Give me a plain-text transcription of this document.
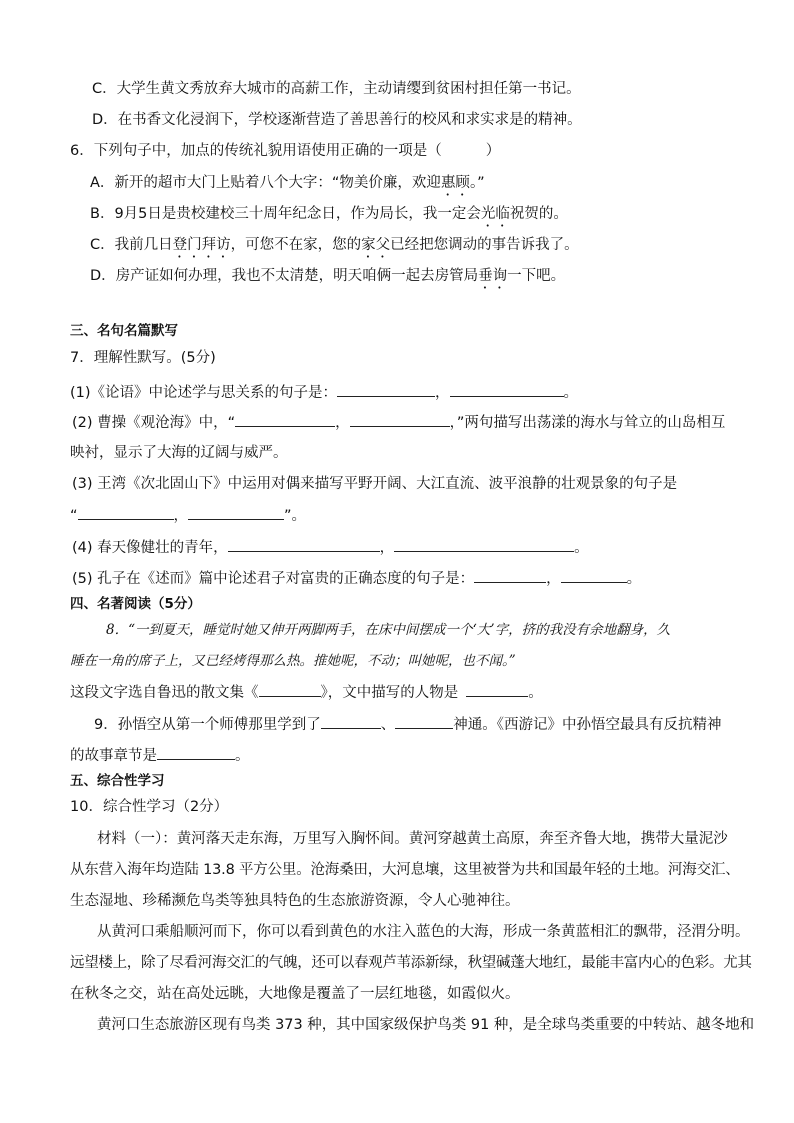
C．大学生黄文秀放弃大城市的高薪工作，主动请缨到贫困村担任第一书记。
D．在书香文化浸润下，学校逐渐营造了善思善行的校风和求实求是的精神。
6．下列句子中，加点的传统礼貌用语使用正确的一项是（	）
A．新开的超市大门上贴着八个大字：“物美价廉，欢迎惠顾。”
B．9月5日是贵校建校三十周年纪念日，作为局长，我一定会光临祝贺的。
C．我前几日登门拜访，可您不在家，您的家父已经把您调动的事告诉我了。
D．房产证如何办理，我也不太清楚，明天咱俩一起去房管局垂询一下吧。
三、名句名篇默写
7．理解性默写。(5分)
(1)《论语》中论述学与思关系的句子是：	，	。
(2) 曹操《观沧海》中，“	，	，”两句描写出荡漾的海水与耸立的山岛相互
映衬，显示了大海的辽阔与威严。
(3) 王湾《次北固山下》中运用对偶来描写平野开阔、大江直流、波平浪静的壮观景象的句子是
“	，	”。
(4) 春天像健壮的青年，	，	。
(5) 孔子在《述而》篇中论述君子对富贵的正确态度的句子是：	，	。
四、名著阅读（5分）
8．“一到夏天，睡觉时她又伸开两脚两手，在床中间摆成一个‘大’字，挤的我没有余地翻身，久
睡在一角的席子上，又已经烤得那么热。推她呢，不动；叫她呢，也不闻。”
这段文字选自鲁迅的散文集《	》，文中描写的人物是	。
9．孙悟空从第一个师傅那里学到了	、	神通。《西游记》中孙悟空最具有反抗精神
的故事章节是	。
五、综合性学习
10．综合性学习（2分）
材料（一）：黄河落天走东海，万里写入胸怀间。黄河穿越黄土高原，奔至齐鲁大地，携带大量泥沙
从东营入海年均造陆 13.8 平方公里。沧海桑田，大河息壤，这里被誉为共和国最年轻的土地。河海交汇、
生态湿地、珍稀濒危鸟类等独具特色的生态旅游资源，令人心驰神往。
从黄河口乘船顺河而下，你可以看到黄色的水注入蓝色的大海，形成一条黄蓝相汇的飘带，泾渭分明。
远望楼上，除了尽看河海交汇的气魄，还可以春观芦苇添新绿，秋望碱蓬大地红，最能丰富内心的色彩。尤其
在秋冬之交，站在高处远眺，大地像是覆盖了一层红地毯，如霞似火。
黄河口生态旅游区现有鸟类 373 种，其中国家级保护鸟类 91 种，是全球鸟类重要的中转站、越冬地和
